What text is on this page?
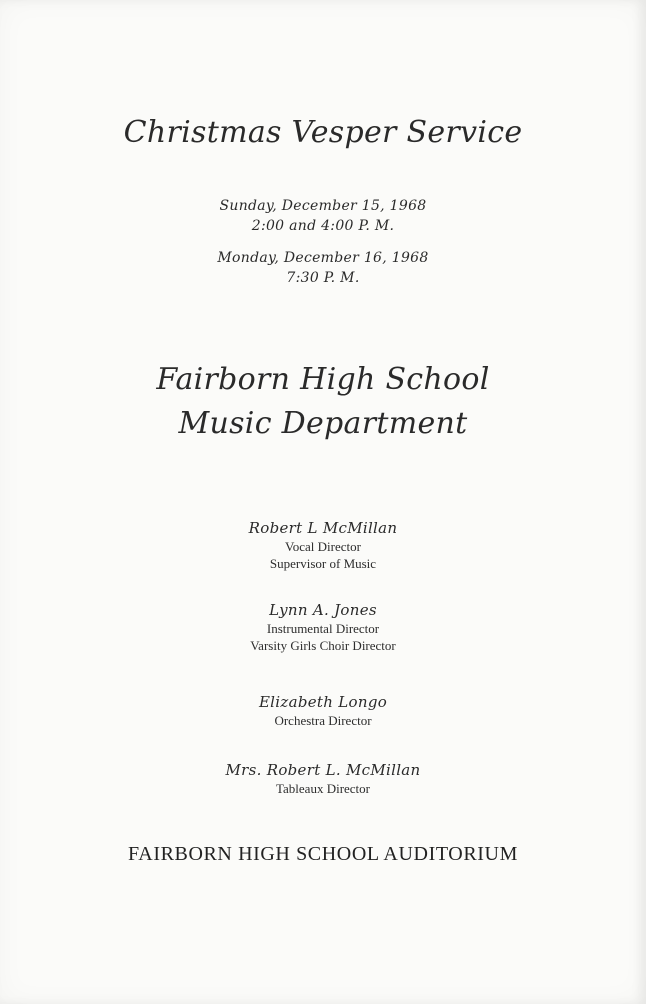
Christmas Vesper Service
Sunday, December 15, 1968
2:00 and 4:00 P. M.
Monday, December 16, 1968
7:30 P. M.
Fairborn High School
Music Department
Robert L McMillan
Vocal Director
Supervisor of Music
Lynn A. Jones
Instrumental Director
Varsity Girls Choir Director
Elizabeth Longo
Orchestra Director
Mrs. Robert L. McMillan
Tableaux Director
FAIRBORN HIGH SCHOOL AUDITORIUM
